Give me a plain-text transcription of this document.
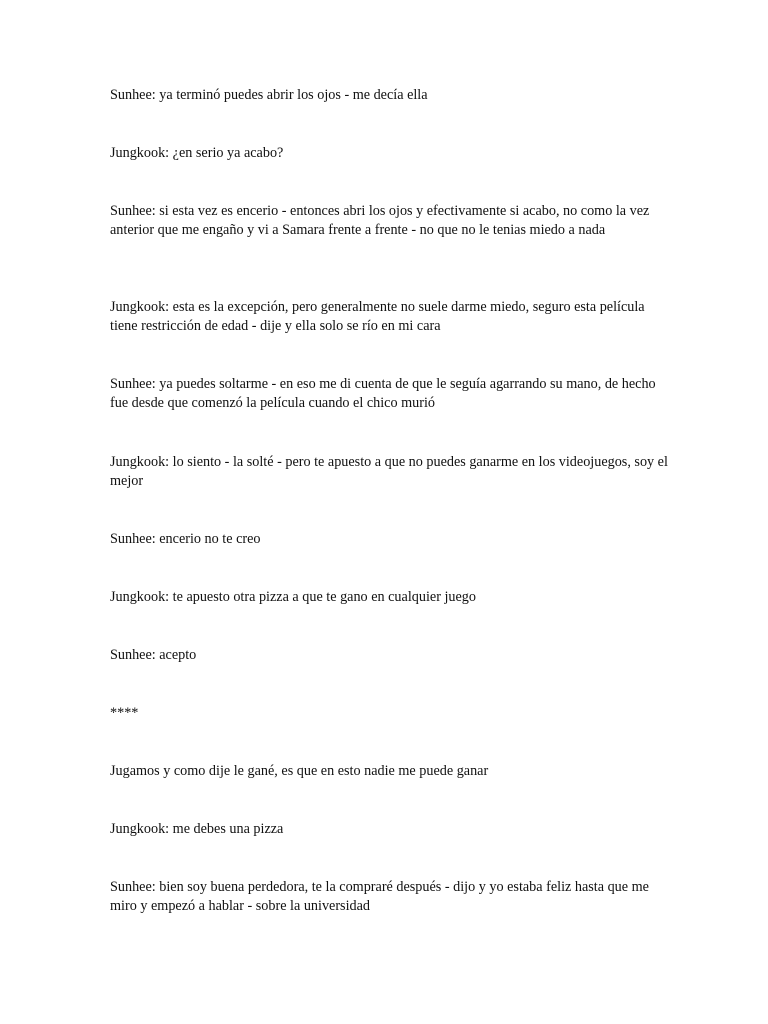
Sunhee: ya terminó puedes abrir los ojos - me decía ella

Jungkook: ¿en serio ya acabo?

Sunhee: si esta vez es encerio - entonces abri los ojos y efectivamente si acabo, no como la vez anterior que me engaño y vi a Samara frente a frente - no que no le tenias miedo a nada

Jungkook: esta es la excepción, pero generalmente no suele darme miedo, seguro esta película tiene restricción de edad - dije y ella solo se río en mi cara

Sunhee: ya puedes soltarme - en eso me di cuenta de que le seguía agarrando su mano, de hecho fue desde que comenzó la película cuando el chico murió

Jungkook: lo siento - la solté - pero te apuesto a que no puedes ganarme en los videojuegos, soy el mejor

Sunhee: encerio no te creo

Jungkook: te apuesto otra pizza a que te gano en cualquier juego

Sunhee: acepto

****

Jugamos y como dije le gané, es que en esto nadie me puede ganar

Jungkook: me debes una pizza

Sunhee: bien soy buena perdedora, te la compraré después - dijo y yo estaba feliz hasta que me miro y empezó a hablar - sobre la universidad
